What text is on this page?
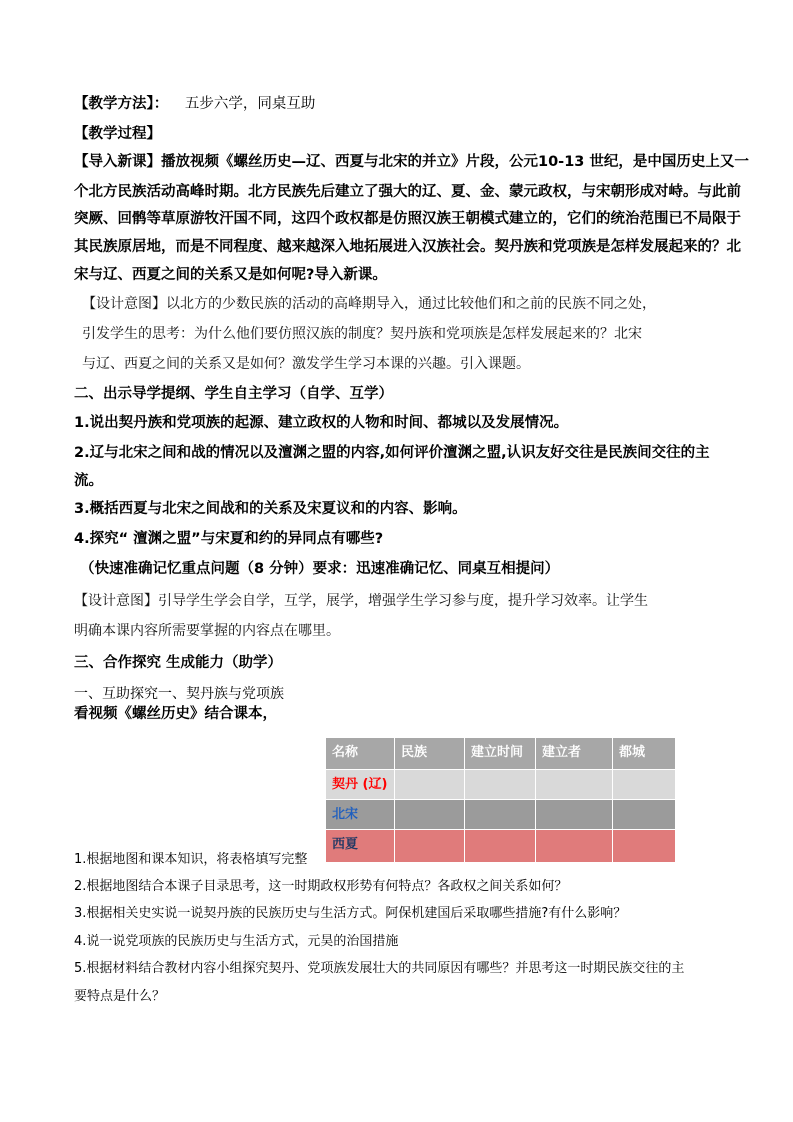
【教学方法】： 五步六学，同桌互助
【教学过程】
【导入新课】播放视频《螺丝历史—辽、西夏与北宋的并立》片段，公元10-13 世纪，是中国历史上又一
个北方民族活动高峰时期。北方民族先后建立了强大的辽、夏、金、蒙元政权，与宋朝形成对峙。与此前
突厥、回鹘等草原游牧汗国不同，这四个政权都是仿照汉族王朝模式建立的，它们的统治范围已不局限于
其民族原居地，而是不同程度、越来越深入地拓展进入汉族社会。契丹族和党项族是怎样发展起来的？北
宋与辽、西夏之间的关系又是如何呢?导入新课。
【设计意图】以北方的少数民族的活动的高峰期导入，通过比较他们和之前的民族不同之处，
引发学生的思考：为什么他们要仿照汉族的制度？契丹族和党项族是怎样发展起来的？北宋
与辽、西夏之间的关系又是如何？激发学生学习本课的兴趣。引入课题。
二、出示导学提纲、学生自主学习（自学、互学）
1.说出契丹族和党项族的起源、建立政权的人物和时间、都城以及发展情况。
2.辽与北宋之间和战的情况以及澶渊之盟的内容,如何评价澶渊之盟,认识友好交往是民族间交往的主
流。
3.概括西夏与北宋之间战和的关系及宋夏议和的内容、影响。
4.探究“ 澶渊之盟”与宋夏和约的异同点有哪些?
（快速准确记忆重点问题（8 分钟）要求：迅速准确记忆、同桌互相提问）
【设计意图】引导学生学会自学，互学，展学，增强学生学习参与度，提升学习效率。让学生
明确本课内容所需要掌握的内容点在哪里。
三、合作探究 生成能力（助学）
一、互助探究一、契丹族与党项族
看视频《螺丝历史》结合课本，
名称	民族	建立时间	建立者	都城
契丹 (辽)				
北宋				
西夏				
1.根据地图和课本知识，将表格填写完整
2.根据地图结合本课子目录思考，这一时期政权形势有何特点？各政权之间关系如何？
3.根据相关史实说一说契丹族的民族历史与生活方式。阿保机建国后采取哪些措施?有什么影响？
4.说一说党项族的民族历史与生活方式，元昊的治国措施
5.根据材料结合教材内容小组探究契丹、党项族发展壮大的共同原因有哪些？并思考这一时期民族交往的主
要特点是什么？
